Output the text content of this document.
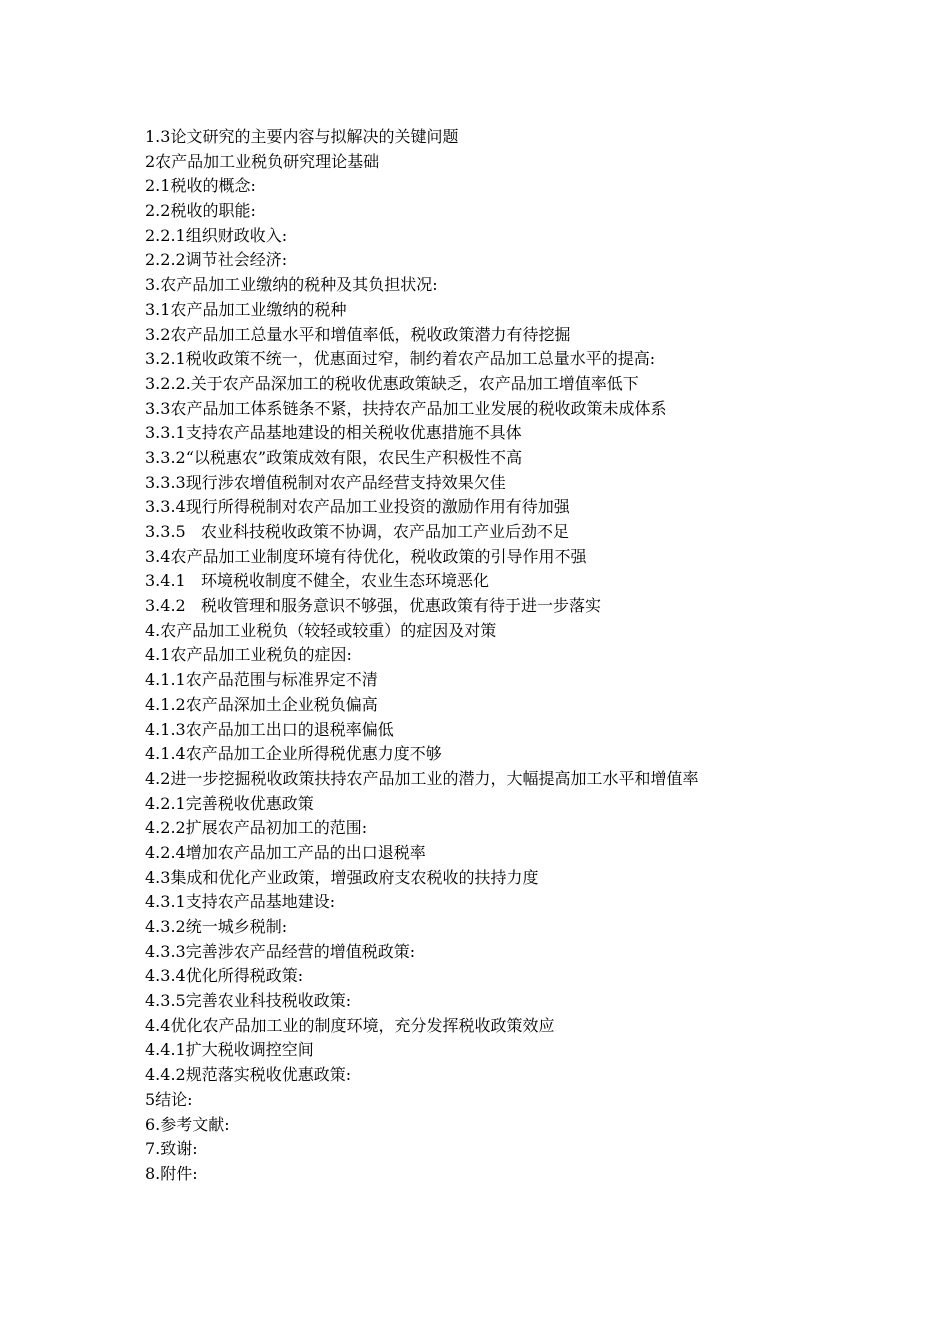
1.3论文研究的主要内容与拟解决的关键问题
2农产品加工业税负研究理论基础
2.1税收的概念:
2.2税收的职能:
2.2.1组织财政收入:
2.2.2调节社会经济:
3.农产品加工业缴纳的税种及其负担状况:
3.1农产品加工业缴纳的税种
3.2农产品加工总量水平和增值率低，税收政策潜力有待挖掘
3.2.1税收政策不统一，优惠面过窄，制约着农产品加工总量水平的提高:
3.2.2.关于农产品深加工的税收优惠政策缺乏，农产品加工增值率低下
3.3农产品加工体系链条不紧，扶持农产品加工业发展的税收政策未成体系
3.3.1支持农产品基地建设的相关税收优惠措施不具体
3.3.2“以税惠农”政策成效有限，农民生产积极性不高
3.3.3现行涉农增值税制对农产品经营支持效果欠佳
3.3.4现行所得税制对农产品加工业投资的激励作用有待加强
3.3.5   农业科技税收政策不协调，农产品加工产业后劲不足
3.4农产品加工业制度环境有待优化，税收政策的引导作用不强
3.4.1   环境税收制度不健全，农业生态环境恶化
3.4.2   税收管理和服务意识不够强，优惠政策有待于进一步落实
4.农产品加工业税负（较轻或较重）的症因及对策
4.1农产品加工业税负的症因:
4.1.1农产品范围与标准界定不清
4.1.2农产品深加土企业税负偏高
4.1.3农产品加工出口的退税率偏低
4.1.4农产品加工企业所得税优惠力度不够
4.2进一步挖掘税收政策扶持农产品加工业的潜力，大幅提高加工水平和增值率
4.2.1完善税收优惠政策
4.2.2扩展农产品初加工的范围:
4.2.4增加农产品加工产品的出口退税率
4.3集成和优化产业政策，增强政府支农税收的扶持力度
4.3.1支持农产品基地建设:
4.3.2统一城乡税制:
4.3.3完善涉农产品经营的增值税政策:
4.3.4优化所得税政策:
4.3.5完善农业科技税收政策:
4.4优化农产品加工业的制度环境，充分发挥税收政策效应
4.4.1扩大税收调控空间
4.4.2规范落实税收优惠政策:
5结论:
6.参考文献:
7.致谢:
8.附件:
